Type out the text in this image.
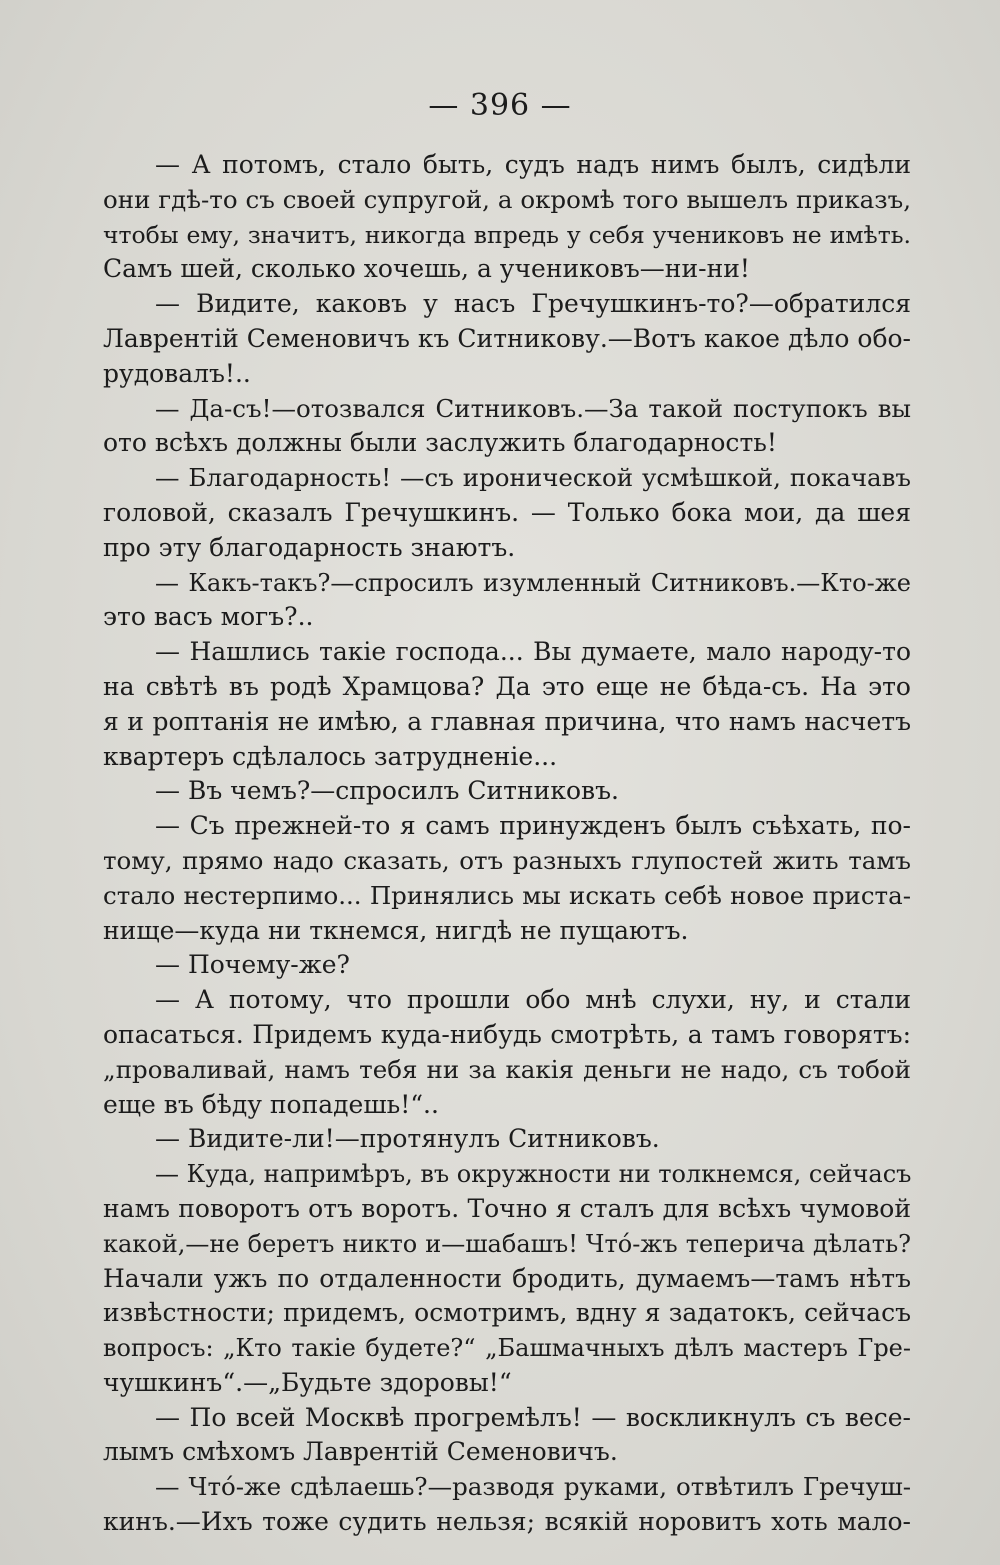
— 396 —
— А потомъ, стало быть, судъ надъ нимъ былъ, сидѣли
они гдѣ-то съ своей супругой, а окромѣ того вышелъ приказъ,
чтобы ему, значитъ, никогда впредь у себя учениковъ не имѣть.
Самъ шей, сколько хочешь, а учениковъ—ни-ни!
— Видите, каковъ у насъ Гречушкинъ-то?—обратился
Лаврентій Семеновичъ къ Ситникову.—Вотъ какое дѣло обо-
рудовалъ!..
— Да-съ!—отозвался Ситниковъ.—За такой поступокъ вы
ото всѣхъ должны были заслужить благодарность!
— Благодарность! —съ иронической усмѣшкой, покачавъ
головой, сказалъ Гречушкинъ. — Только бока мои, да шея
про эту благодарность знаютъ.
— Какъ-такъ?—спросилъ изумленный Ситниковъ.—Кто-же
это васъ могъ?..
— Нашлись такіе господа... Вы думаете, мало народу-то
на свѣтѣ въ родѣ Храмцова? Да это еще не бѣда-съ. На это
я и роптанія не имѣю, а главная причина, что намъ насчетъ
квартеръ сдѣлалось затрудненіе...
— Въ чемъ?—спросилъ Ситниковъ.
— Съ прежней-то я самъ принужденъ былъ съѣхать, по-
тому, прямо надо сказать, отъ разныхъ глупостей жить тамъ
стало нестерпимо... Принялись мы искать себѣ новое приста-
нище—куда ни ткнемся, нигдѣ не пущаютъ.
— Почему-же?
— А потому, что прошли обо мнѣ слухи, ну, и стали
опасаться. Придемъ куда-нибудь смотрѣть, а тамъ говорятъ:
„проваливай, намъ тебя ни за какія деньги не надо, съ тобой
еще въ бѣду попадешь!“..
— Видите-ли!—протянулъ Ситниковъ.
— Куда, напримѣръ, въ окружности ни толкнемся, сейчасъ
намъ поворотъ отъ воротъ. Точно я сталъ для всѣхъ чумовой
какой,—не беретъ никто и—шабашъ! Чтó-жъ теперича дѣлать?
Начали ужъ по отдаленности бродить, думаемъ—тамъ нѣтъ
извѣстности; придемъ, осмотримъ, вдну я задатокъ, сейчасъ
вопросъ: „Кто такіе будете?“ „Башмачныхъ дѣлъ мастеръ Гре-
чушкинъ“.—„Будьте здоровы!“
— По всей Москвѣ прогремѣлъ! — воскликнулъ съ весе-
лымъ смѣхомъ Лаврентій Семеновичъ.
— Чтó-же сдѣлаешь?—разводя руками, отвѣтилъ Гречуш-
кинъ.—Ихъ тоже судить нельзя; всякій норовитъ хоть мало-
